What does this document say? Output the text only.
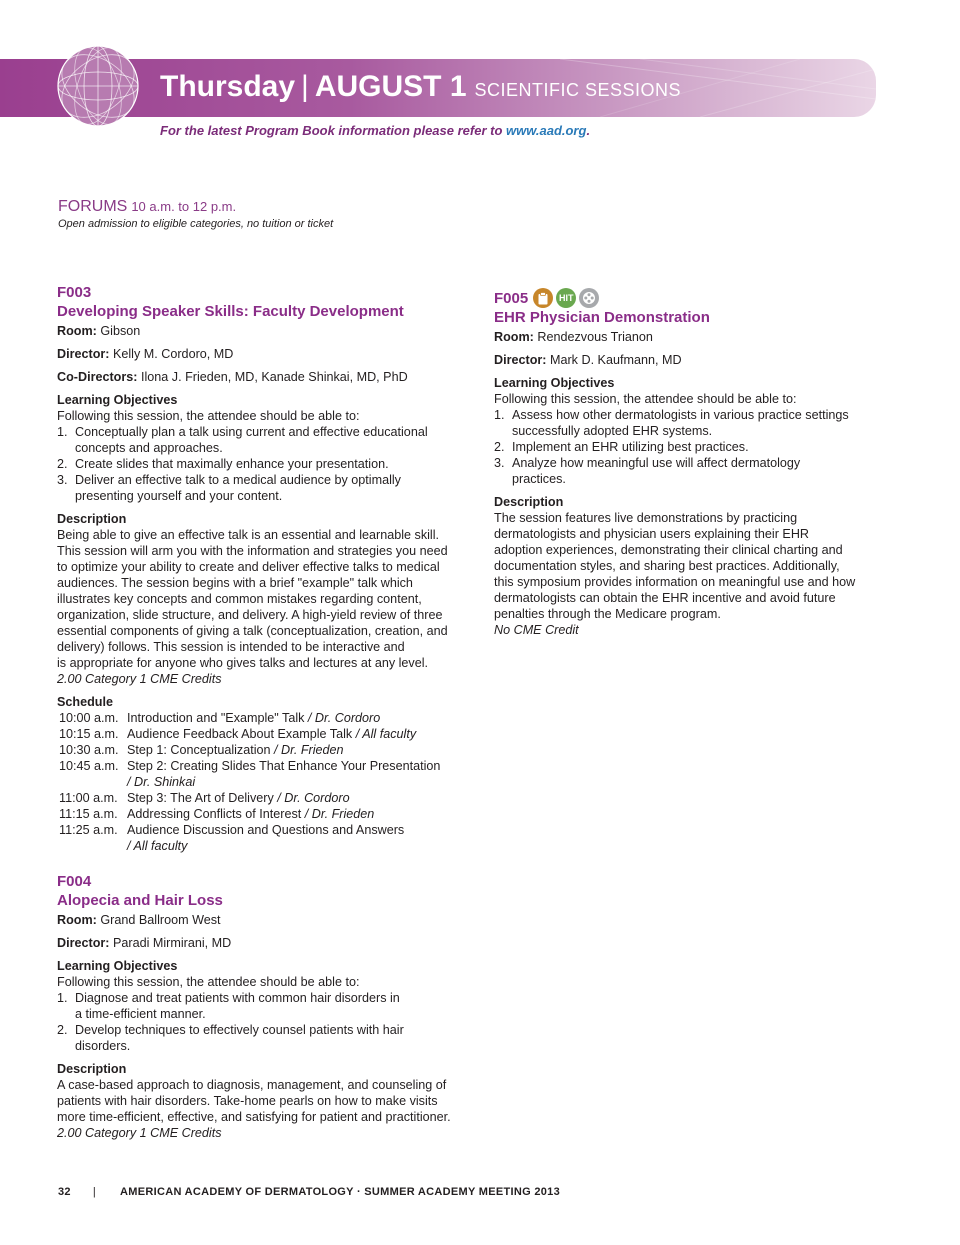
Thursday | AUGUST 1 SCIENTIFIC SESSIONS
For the latest Program Book information please refer to www.aad.org.
FORUMS 10 a.m. to 12 p.m.
Open admission to eligible categories, no tuition or ticket
F003
Developing Speaker Skills: Faculty Development

Room: Gibson

Director: Kelly M. Cordoro, MD

Co-Directors: Ilona J. Frieden, MD, Kanade Shinkai, MD, PhD

Learning Objectives

Following this session, the attendee should be able to:

1. Conceptually plan a talk using current and effective educational
concepts and approaches.
2. Create slides that maximally enhance your presentation.
3. Deliver an effective talk to a medical audience by optimally
presenting yourself and your content.

Description

Being able to give an effective talk is an essential and learnable skill.
This session will arm you with the information and strategies you need
to optimize your ability to create and deliver effective talks to medical
audiences. The session begins with a brief "example" talk which
illustrates key concepts and common mistakes regarding content,
organization, slide structure, and delivery. A high-yield review of three
essential components of giving a talk (conceptualization, creation, and
delivery) follows. This session is intended to be interactive and
is appropriate for anyone who gives talks and lectures at any level.

2.00 Category 1 CME Credits

Schedule

10:00 a.m. Introduction and "Example" Talk / Dr. Cordoro
10:15 a.m. Audience Feedback About Example Talk / All faculty
10:30 a.m. Step 1: Conceptualization / Dr. Frieden
10:45 a.m. Step 2: Creating Slides That Enhance Your Presentation
/ Dr. Shinkai
11:00 a.m. Step 3: The Art of Delivery / Dr. Cordoro
11:15 a.m. Addressing Conflicts of Interest / Dr. Frieden
11:25 a.m. Audience Discussion and Questions and Answers
/ All faculty
F004
Alopecia and Hair Loss

Room: Grand Ballroom West

Director: Paradi Mirmirani, MD

Learning Objectives

Following this session, the attendee should be able to:

1. Diagnose and treat patients with common hair disorders in
a time-efficient manner.
2. Develop techniques to effectively counsel patients with hair
disorders.

Description

A case-based approach to diagnosis, management, and counseling of
patients with hair disorders. Take-home pearls on how to make visits
more time-efficient, effective, and satisfying for patient and practitioner.

2.00 Category 1 CME Credits

F005	HIT
EHR Physician Demonstration

Room: Rendezvous Trianon

Director: Mark D. Kaufmann, MD

Learning Objectives

Following this session, the attendee should be able to:

1. Assess how other dermatologists in various practice settings
successfully adopted EHR systems.
2. Implement an EHR utilizing best practices.
3. Analyze how meaningful use will affect dermatology
practices.

Description

The session features live demonstrations by practicing
dermatologists and physician users explaining their EHR
adoption experiences, demonstrating their clinical charting and
documentation styles, and sharing best practices. Additionally,
this symposium provides information on meaningful use and how
dermatologists can obtain the EHR incentive and avoid future
penalties through the Medicare program.

No CME Credit

32 | AMERICAN ACADEMY OF DERMATOLOGY · SUMMER ACADEMY MEETING 2013
